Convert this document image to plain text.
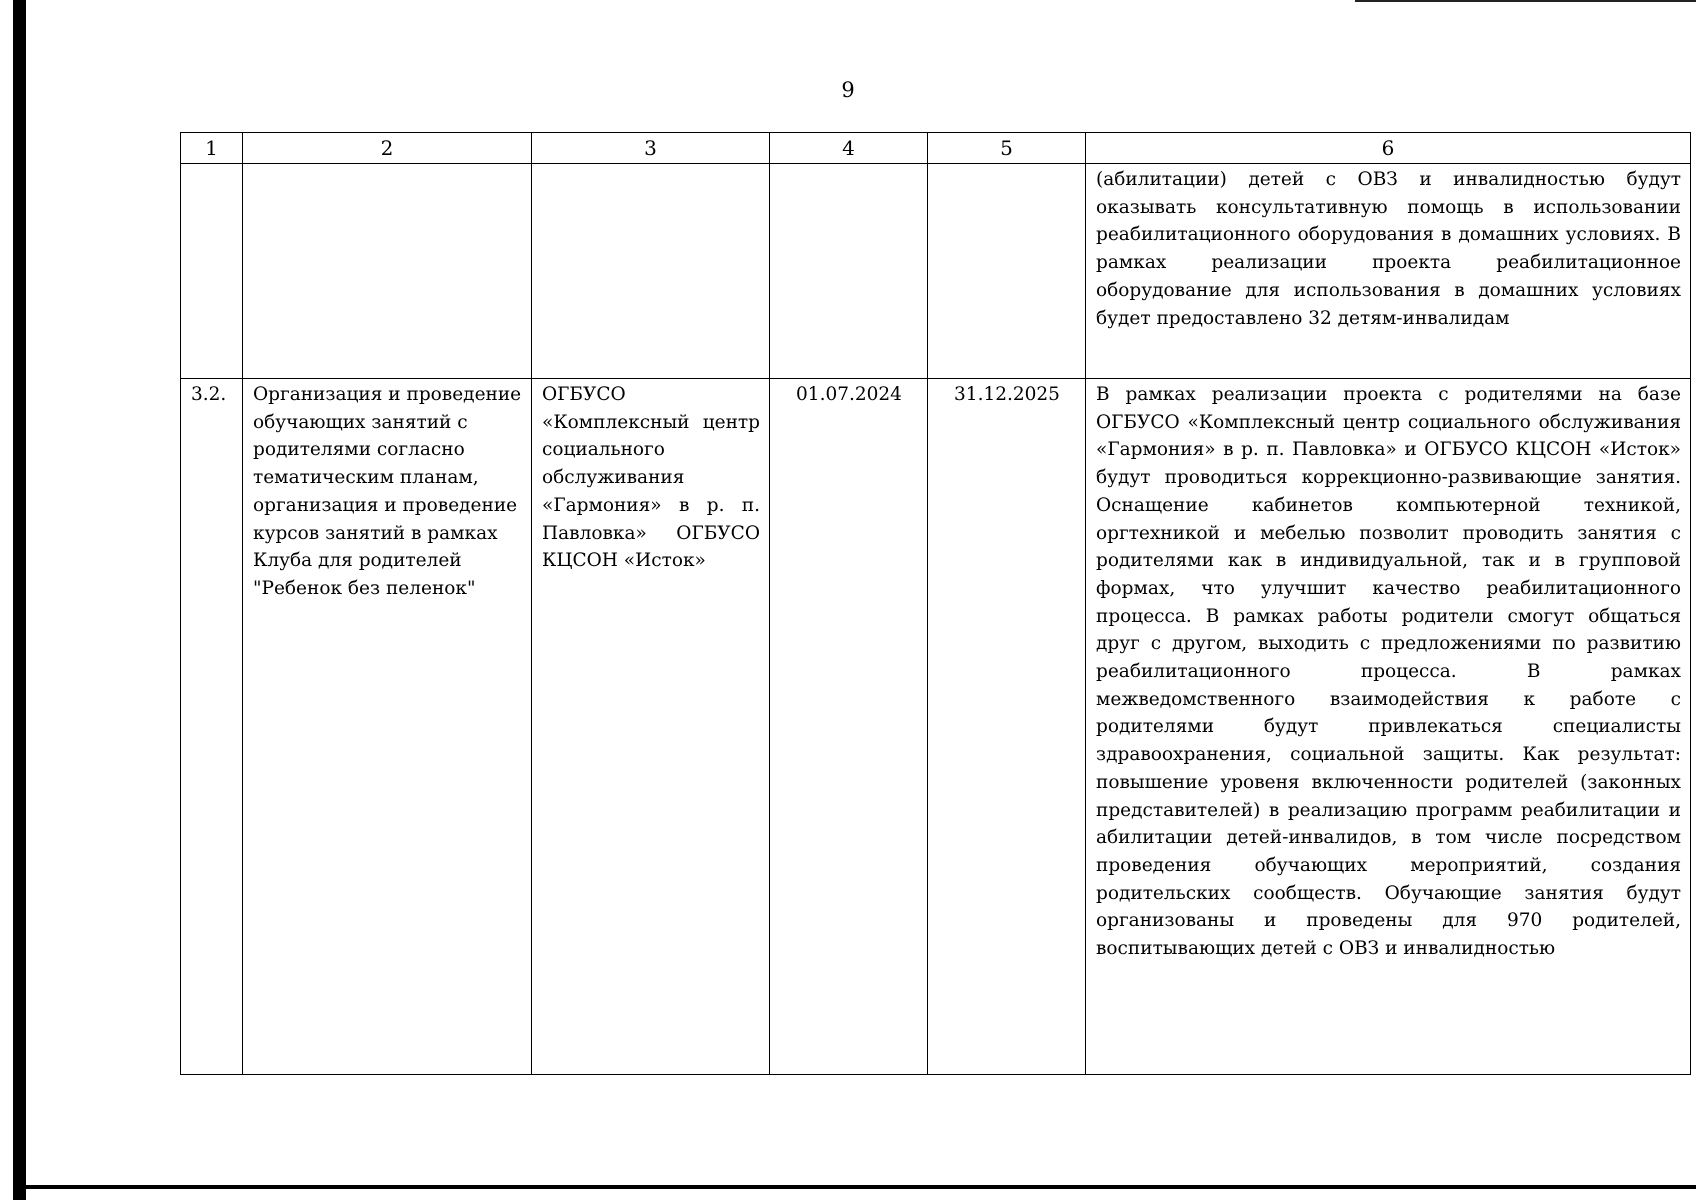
9
1	2	3	4	5	6
					(абилитации) детей с ОВЗ и инвалидностью будут оказывать консультативную помощь в использовании реабилитационного оборудования в домашних условиях. В рамках реализации проекта реабилитационное оборудование для использования в домашних условиях будет предоставлено 32 детям-инвалидам
3.2.	Организация и проведение обучающих занятий с родителями согласно тематическим планам, организация и проведение курсов занятий в рамках Клуба для родителей "Ребенок без пеленок"	ОГБУСО «Комплексный центр социального обслуживания «Гармония» в р. п. Павловка» ОГБУСО КЦСОН «Исток»	01.07.2024	31.12.2025	В рамках реализации проекта с родителями на базе ОГБУСО «Комплексный центр социального обслуживания «Гармония» в р. п. Павловка» и ОГБУСО КЦСОН «Исток» будут проводиться коррекционно-развивающие занятия. Оснащение кабинетов компьютерной техникой, оргтехникой и мебелью позволит проводить занятия с родителями как в индивидуальной, так и в групповой формах, что улучшит качество реабилитационного процесса. В рамках работы родители смогут общаться друг с другом, выходить с предложениями по развитию реабилитационного процесса. В рамках межведомственного взаимодействия к работе с родителями будут привлекаться специалисты здравоохранения, социальной защиты. Как результат: повышение уровеня включенности родителей (законных представителей) в реализацию программ реабилитации и абилитации детей-инвалидов, в том числе посредством проведения обучающих мероприятий, создания родительских сообществ. Обучающие занятия будут организованы и проведены для 970 родителей, воспитывающих детей с ОВЗ и инвалидностью
